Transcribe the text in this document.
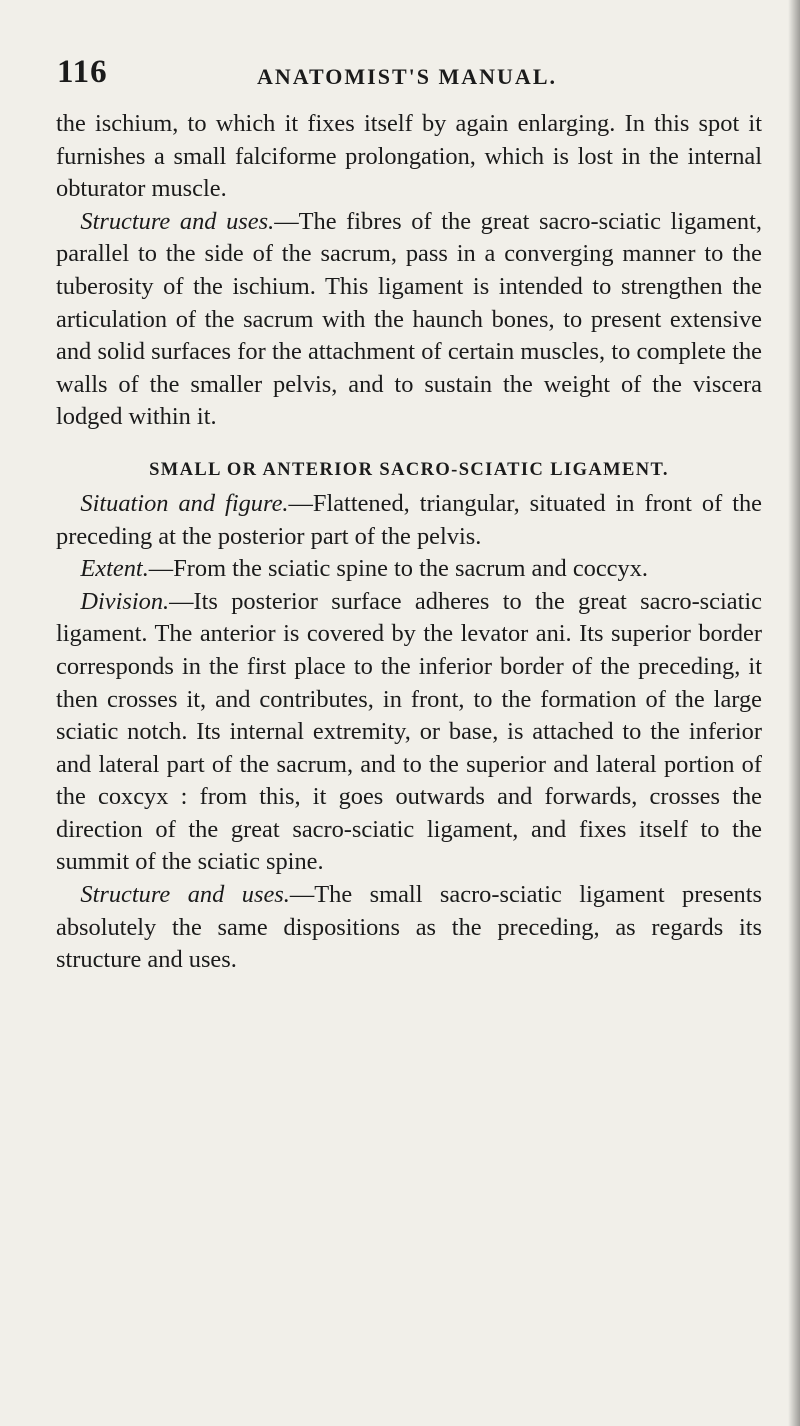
116	ANATOMIST'S MANUAL.

the ischium, to which it fixes itself by again enlarging. In this spot it furnishes a small falciforme prolongation, which is lost in the internal obturator muscle.

 Structure and uses.—The fibres of the great sacro-sciatic ligament, parallel to the side of the sacrum, pass in a converging manner to the tuberosity of the ischium. This ligament is intended to strengthen the articulation of the sacrum with the haunch bones, to present extensive and solid surfaces for the attachment of certain muscles, to complete the walls of the smaller pelvis, and to sustain the weight of the viscera lodged within it.

SMALL OR ANTERIOR SACRO-SCIATIC LIGAMENT.

 Situation and figure.—Flattened, triangular, situated in front of the preceding at the posterior part of the pelvis.

 Extent.—From the sciatic spine to the sacrum and coccyx.

 Division.—Its posterior surface adheres to the great sacro-sciatic ligament. The anterior is covered by the levator ani. Its superior border corresponds in the first place to the inferior border of the preceding, it then crosses it, and contributes, in front, to the formation of the large sciatic notch. Its internal extremity, or base, is attached to the inferior and lateral part of the sacrum, and to the superior and lateral portion of the coxcyx : from this, it goes outwards and forwards, crosses the direction of the great sacro-sciatic ligament, and fixes itself to the summit of the sciatic spine.

 Structure and uses.—The small sacro-sciatic ligament presents absolutely the same dispositions as the preceding, as regards its structure and uses.
